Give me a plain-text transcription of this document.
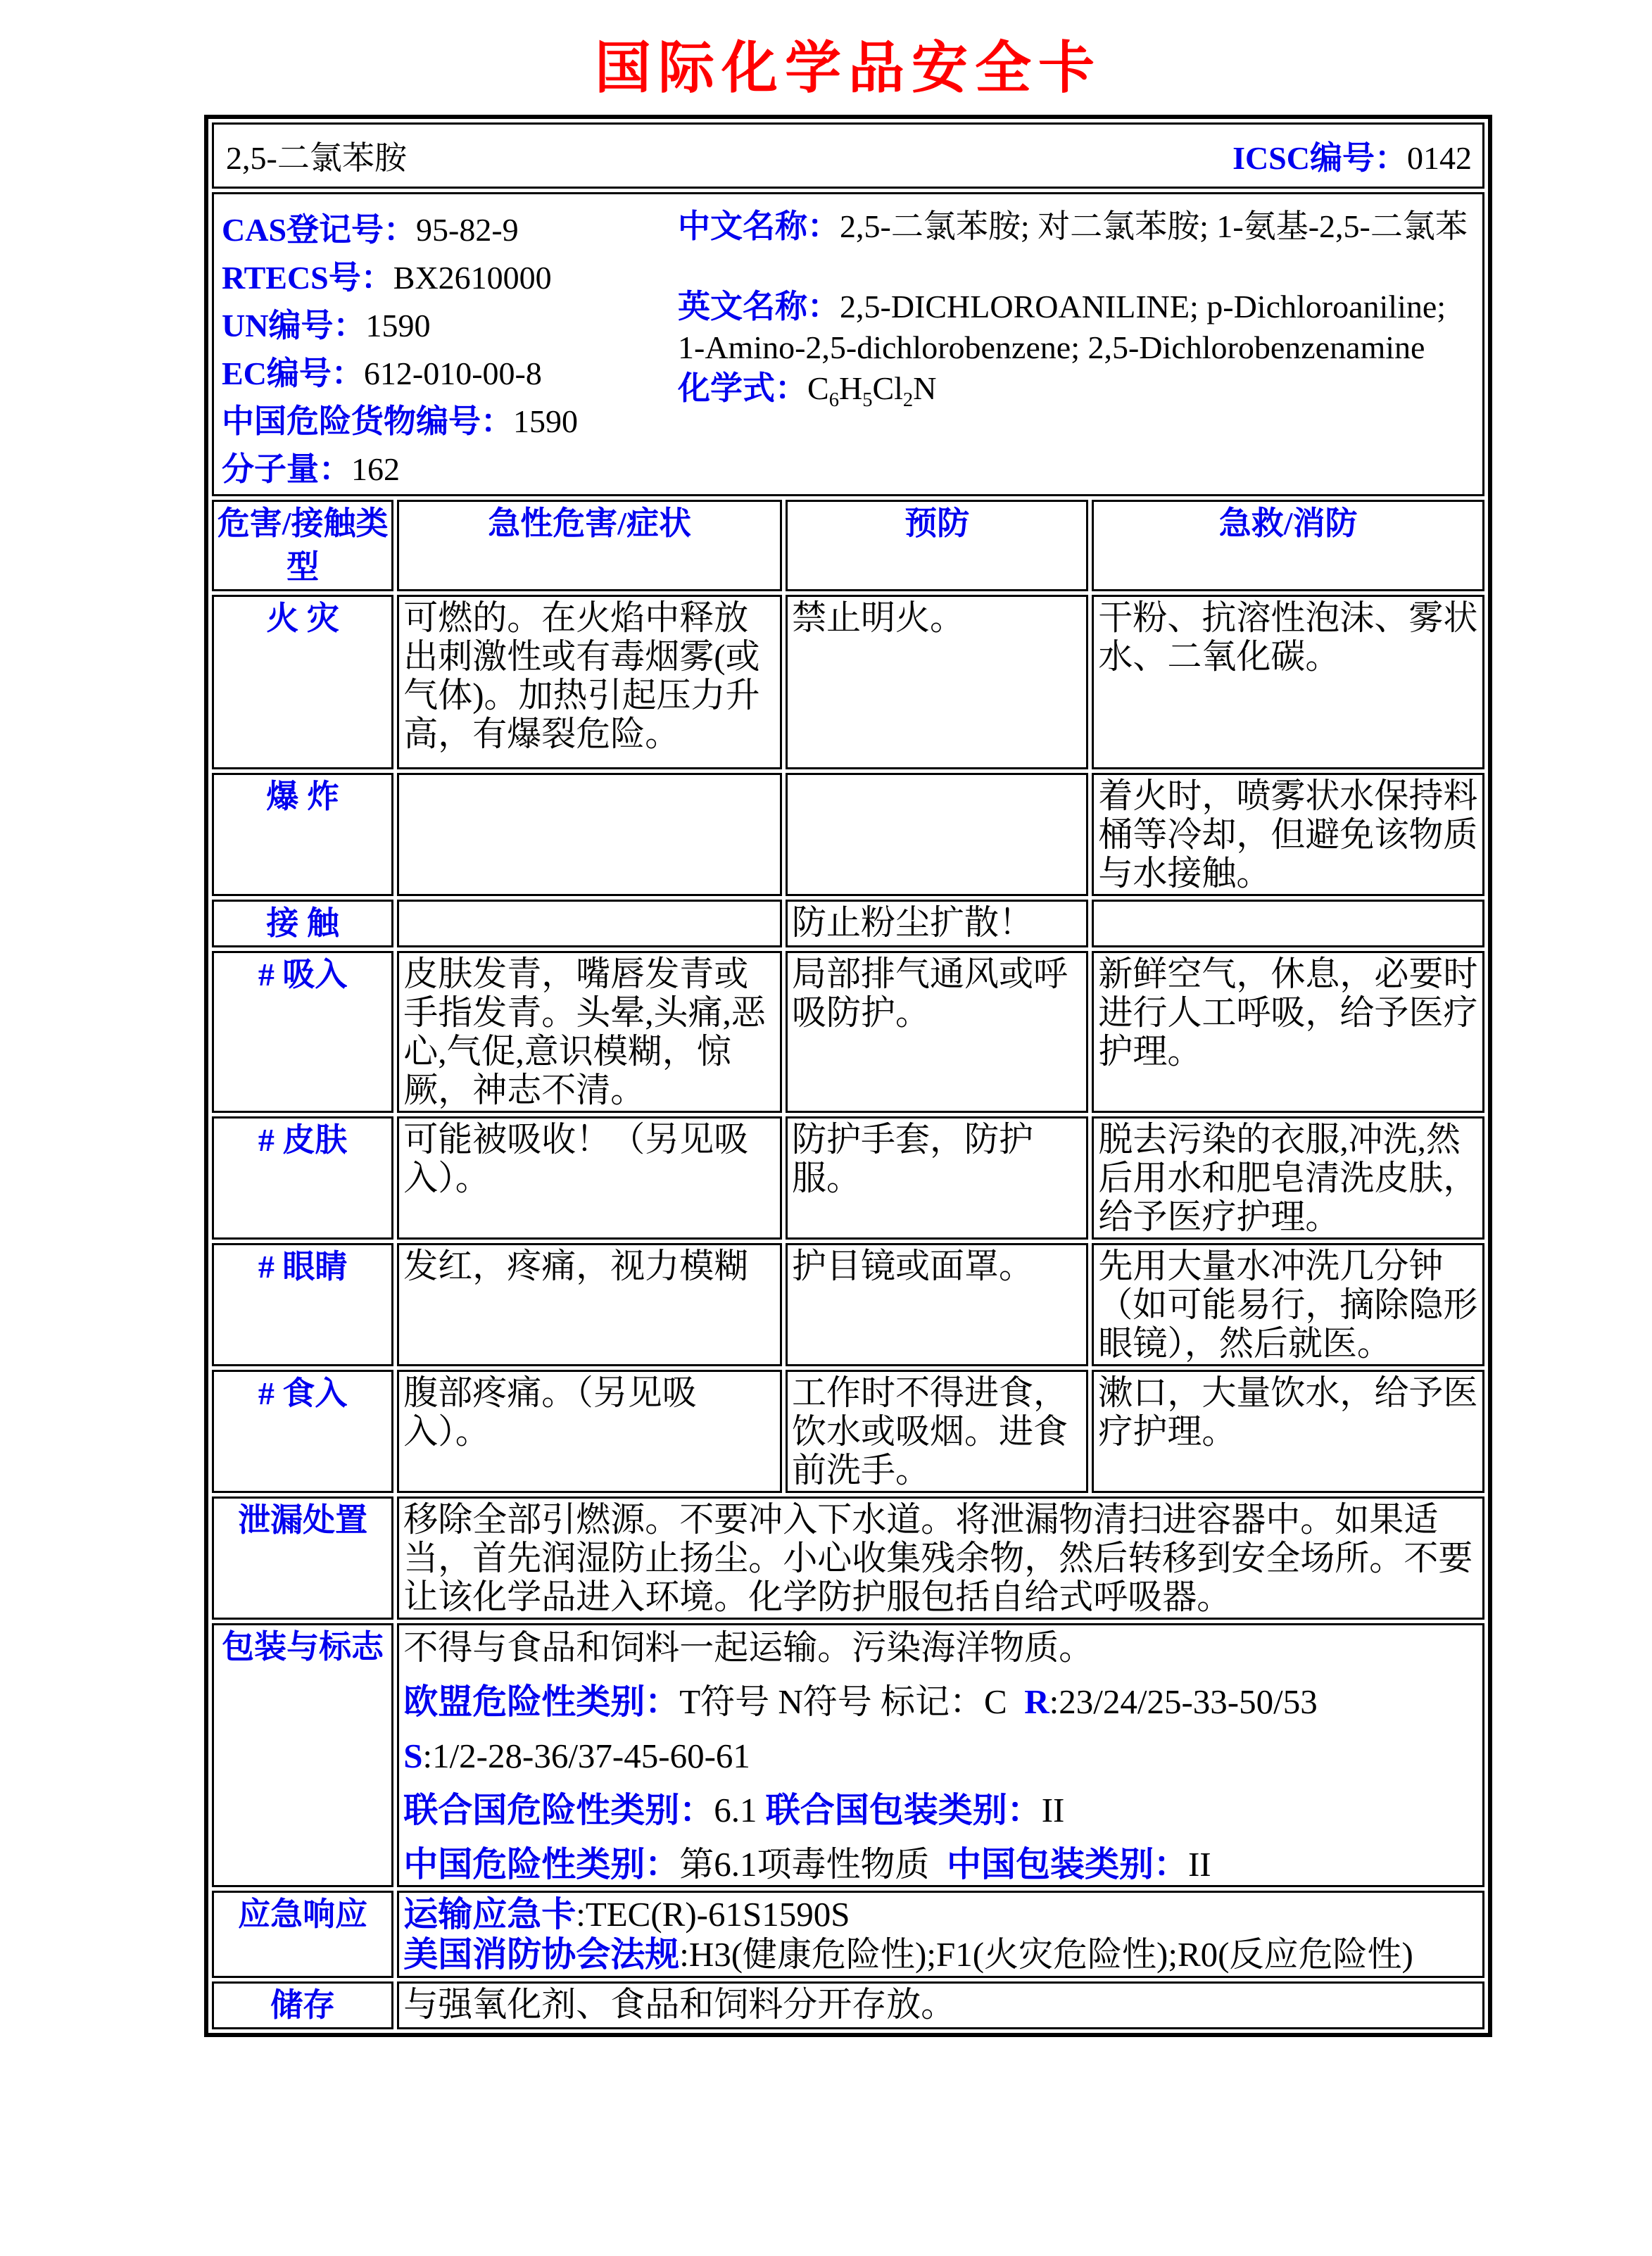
国际化学品安全卡
2,5-二氯苯胺 ICSC编号：0142			

CAS登记号：95-82-9
RTECS号：BX2610000
UN编号：1590
EC编号：612-010-00-8
中国危险货物编号：1590
分子量：162

中文名称：2,5-二氯苯胺; 对二氯苯胺; 1-氨基-2,5-二氯苯

英文名称：2,5-DICHLOROANILINE; p-Dichloroaniline; 1-Amino-2,5-dichlorobenzene; 2,5-Dichlorobenzenamine

化学式：$C_6H_5Cl_2N$

危害/接触类型	急性危害/症状	预防	急救/消防
火 灾	可燃的。在火焰中释放出刺激性或有毒烟雾(或气体)。加热引起压力升高，有爆裂危险。	禁止明火。	干粉、抗溶性泡沫、雾状水、二氧化碳。
爆 炸			着火时，喷雾状水保持料桶等冷却，但避免该物质与水接触。
接 触		防止粉尘扩散！	
# 吸入	皮肤发青，嘴唇发青或手指发青。头晕,头痛,恶心,气促,意识模糊，惊厥，神志不清。	局部排气通风或呼吸防护。	新鲜空气，休息，必要时进行人工呼吸，给予医疗护理。
# 皮肤	可能被吸收！（另见吸入）。	防护手套，防护服。	脱去污染的衣服,冲洗,然后用水和肥皂清洗皮肤，给予医疗护理。
# 眼睛	发红，疼痛，视力模糊	护目镜或面罩。	先用大量水冲洗几分钟（如可能易行，摘除隐形眼镜），然后就医。
# 食入	腹部疼痛。（另见吸入）。	工作时不得进食，饮水或吸烟。进食前洗手。	漱口，大量饮水，给予医疗护理。
泄漏处置	移除全部引燃源。不要冲入下水道。将泄漏物清扫进容器中。如果适当，首先润湿防止扬尘。小心收集残余物，然后转移到安全场所。不要让该化学品进入环境。化学防护服包括自给式呼吸器。		

包装与标志	不得与食品和饲料一起运输。污染海洋物质。

欧盟危险性类别：T符号 N符号 标记：C  R:23/24/25-33-50/53

S:1/2-28-36/37-45-60-61

联合国危险性类别：6.1 联合国包装类别：II

中国危险性类别：第6.1项毒性物质  中国包装类别：II		

应急响应	运输应急卡:TEC(R)-61S1590S

美国消防协会法规:H3(健康危险性);F1(火灾危险性);R0(反应危险性)		

储存	与强氧化剂、食品和饲料分开存放。		
